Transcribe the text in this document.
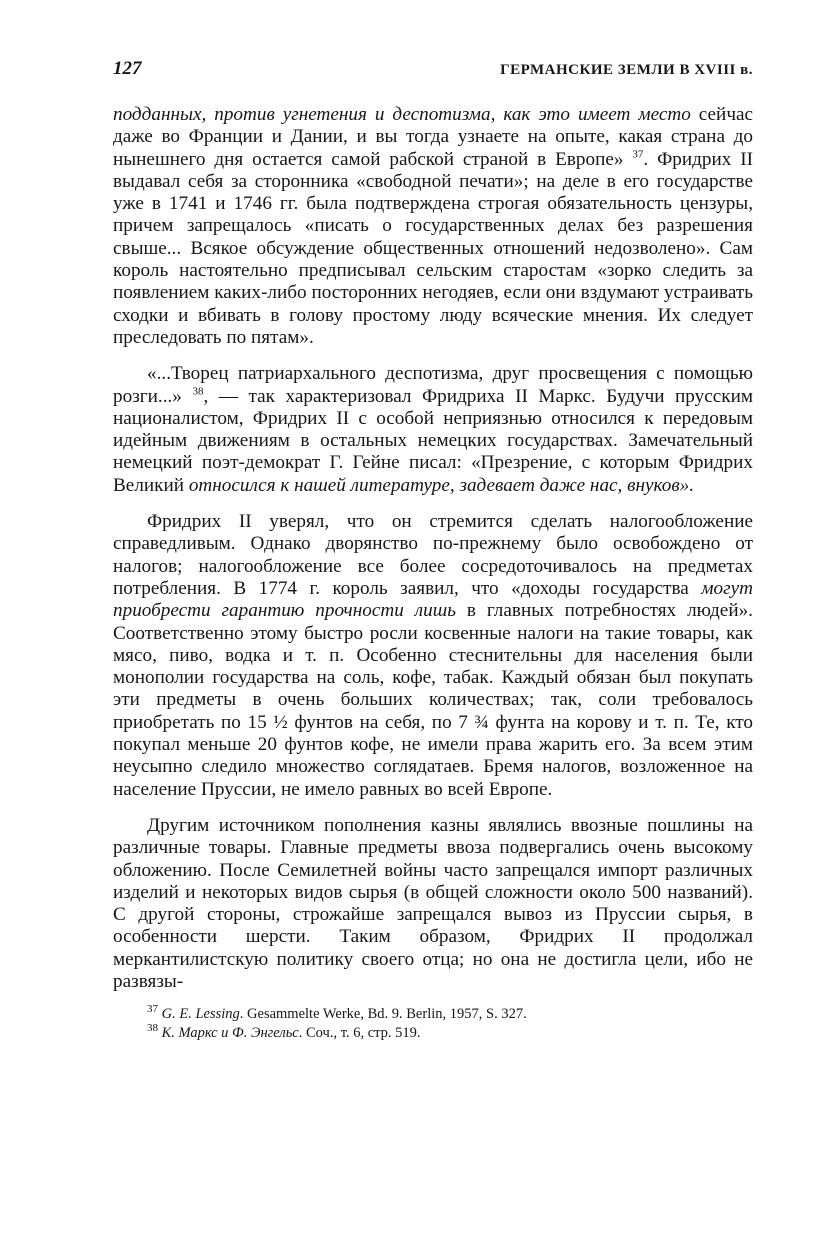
127	ГЕРМАНСКИЕ ЗЕМЛИ В XVIII в.

подданных, против угнетения и деспотизма, как это имеет место сейчас даже во Франции и Дании, и вы тогда узнаете на опыте, какая страна до нынешнего дня остается самой рабской страной в Европе» $^{37}$. Фридрих II выдавал себя за сторонника «свободной печати»; на деле в его государстве уже в 1741 и 1746 гг. была подтверждена строгая обязательность цензуры, причем запрещалось «писать о государственных делах без разрешения свыше... Всякое обсуждение общественных отношений недозволено». Сам король настоятельно предписывал сельским старостам «зорко следить за появлением каких-либо посторонних негодяев, если они вздумают устраивать сходки и вбивать в голову простому люду всяческие мнения. Их следует преследовать по пятам».

«...Творец патриархального деспотизма, друг просвещения с помощью розги...» $^{38}$, — так характеризовал Фридриха II Маркс. Будучи прусским националистом, Фридрих II с особой неприязнью относился к передовым идейным движениям в остальных немецких государствах. Замечательный немецкий поэт-демократ Г. Гейне писал: «Презрение, с которым Фридрих Великий относился к нашей литературе, задевает даже нас, внуков».

Фридрих II уверял, что он стремится сделать налогообложение справедливым. Однако дворянство по-прежнему было освобождено от налогов; налогообложение все более сосредоточивалось на предметах потребления. В 1774 г. король заявил, что «доходы государства могут приобрести гарантию прочности лишь в главных потребностях людей». Соответственно этому быстро росли косвенные налоги на такие товары, как мясо, пиво, водка и т. п. Особенно стеснительны для населения были монополии государства на соль, кофе, табак. Каждый обязан был покупать эти предметы в очень больших количествах; так, соли требовалось приобретать по 15 ½ фунтов на себя, по 7 ¾ фунта на корову и т. п. Те, кто покупал меньше 20 фунтов кофе, не имели права жарить его. За всем этим неусыпно следило множество соглядатаев. Бремя налогов, возложенное на население Пруссии, не имело равных во всей Европе.

Другим источником пополнения казны являлись ввозные пошлины на различные товары. Главные предметы ввоза подвергались очень высокому обложению. После Семилетней войны часто запрещался импорт различных изделий и некоторых видов сырья (в общей сложности около 500 названий). С другой стороны, строжайше запрещался вывоз из Пруссии сырья, в особенности шерсти. Таким образом, Фридрих II продолжал меркантилистскую политику своего отца; но она не достигла цели, ибо не развязы-

$^{37}$ G. E. Lessing. Gesammelte Werke, Bd. 9. Berlin, 1957, S. 327.
$^{38}$ К. Маркс и Ф. Энгельс. Соч., т. 6, стр. 519.
